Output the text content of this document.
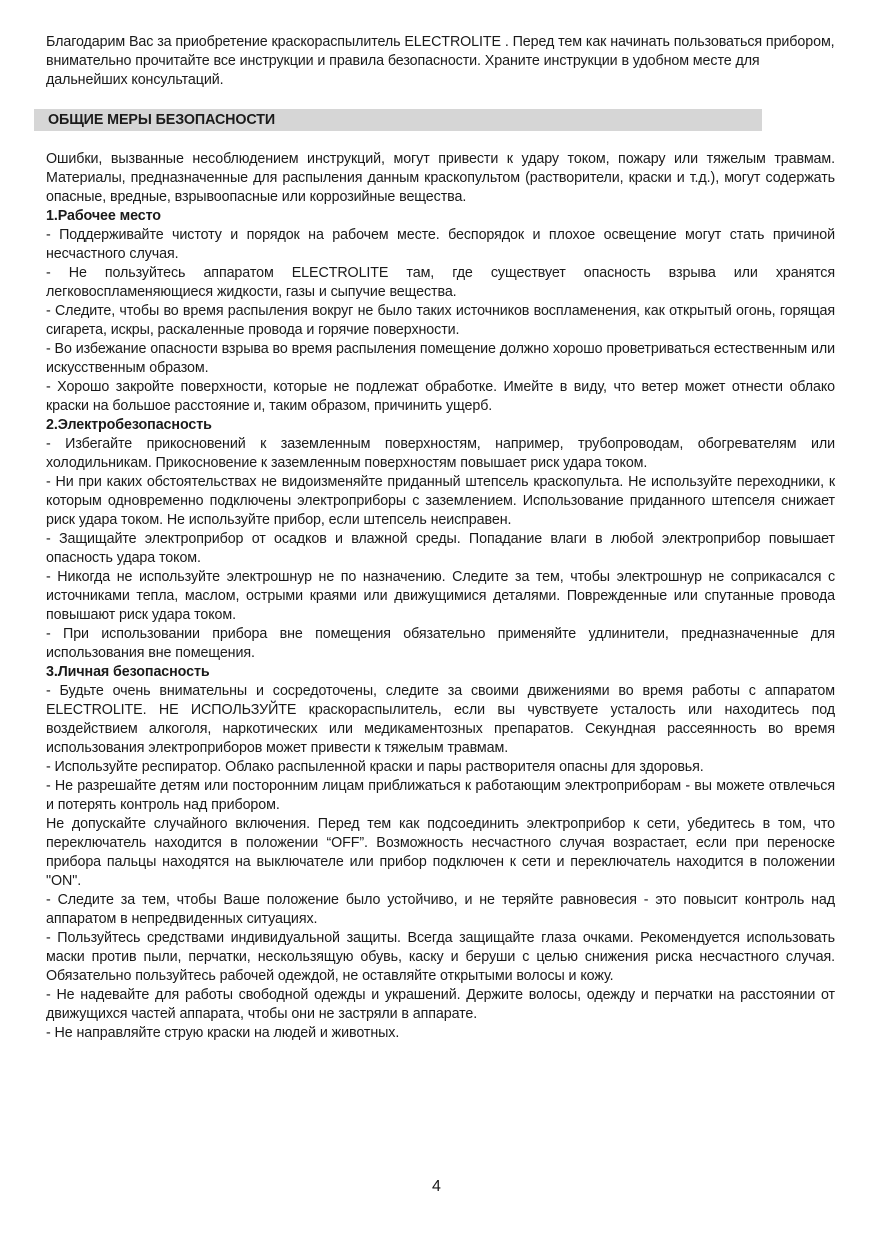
Благодарим Вас за приобретение краскораспылитель ELECTROLITE . Перед тем как начинать пользоваться прибором, внимательно прочитайте все инструкции и правила безопасности. Храните инструкции в удобном месте для дальнейших консультаций.

ОБЩИЕ МЕРЫ БЕЗОПАСНОСТИ

Ошибки, вызванные несоблюдением инструкций, могут привести к удару током, пожару или тяжелым травмам. Материалы, предназначенные для распыления данным краскопультом (растворители, краски и т.д.), могут содержать опасные, вредные, взрывоопасные или коррозийные вещества.

1.Рабочее место

- Поддерживайте чистоту и порядок на рабочем месте. беспорядок и плохое освещение могут стать причиной несчастного случая.

- Не пользуйтесь аппаратом ELECTROLITE там, где существует опасность взрыва или хранятся легковоспламеняющиеся жидкости, газы и сыпучие вещества.

- Следите, чтобы во время распыления вокруг не было таких источников воспламенения, как открытый огонь, горящая сигарета, искры, раскаленные провода и горячие поверхности.

- Во избежание опасности взрыва во время распыления помещение должно хорошо проветриваться естественным или искусственным образом.

- Хорошо закройте поверхности, которые не подлежат обработке. Имейте в виду, что ветер может отнести облако краски на большое расстояние и, таким образом, причинить ущерб.

2.Электробезопасность

- Избегайте прикосновений к заземленным поверхностям, например, трубопроводам, обогревателям или холодильникам. Прикосновение к заземленным поверхностям повышает риск удара током.

- Ни при каких обстоятельствах не видоизменяйте приданный штепсель краскопульта. Не используйте переходники, к которым одновременно подключены электроприборы с заземлением. Использование приданного штепселя снижает риск удара током. Не используйте прибор, если штепсель неисправен.

- Защищайте электроприбор от осадков и влажной среды. Попадание влаги в любой электроприбор повышает опасность удара током.

- Никогда не используйте электрошнур не по назначению. Следите за тем, чтобы электрошнур не соприкасался с источниками тепла, маслом, острыми краями или движущимися деталями. Поврежденные или спутанные провода повышают риск удара током.

- При использовании прибора вне помещения обязательно применяйте удлинители, предназначенные для использования вне помещения.

3.Личная безопасность

- Будьте очень внимательны и сосредоточены, следите за своими движениями во время работы с аппаратом ELECTROLITE. НЕ ИСПОЛЬЗУЙТЕ краскораспылитель, если вы чувствуете усталость или находитесь под воздействием алкоголя, наркотических или медикаментозных препаратов. Секундная рассеянность во время использования электроприборов может привести к тяжелым травмам.

- Используйте респиратор. Облако распыленной краски и пары растворителя опасны для здоровья.

- Не разрешайте детям или посторонним лицам приближаться к работающим электроприборам - вы можете отвлечься и потерять контроль над прибором.

Не допускайте случайного включения. Перед тем как подсоединить электроприбор к сети, убедитесь в том, что переключатель находится в положении “OFF”. Возможность несчастного случая возрастает, если при переноске прибора пальцы находятся на выключателе или прибор подключен к сети и переключатель находится в положении "ON".

- Следите за тем, чтобы Ваше положение было устойчиво, и не теряйте равновесия - это повысит контроль над аппаратом в непредвиденных ситуациях.

- Пользуйтесь средствами индивидуальной защиты. Всегда защищайте глаза очками. Рекомендуется использовать маски против пыли, перчатки, нескользящую обувь, каску и беруши с целью снижения риска несчастного случая. Обязательно пользуйтесь рабочей одеждой, не оставляйте открытыми волосы и кожу.

- Не надевайте для работы свободной одежды и украшений. Держите волосы, одежду и перчатки на расстоянии от движущихся частей аппарата, чтобы они не застряли в аппарате.

- Не направляйте струю краски на людей и животных.

4
